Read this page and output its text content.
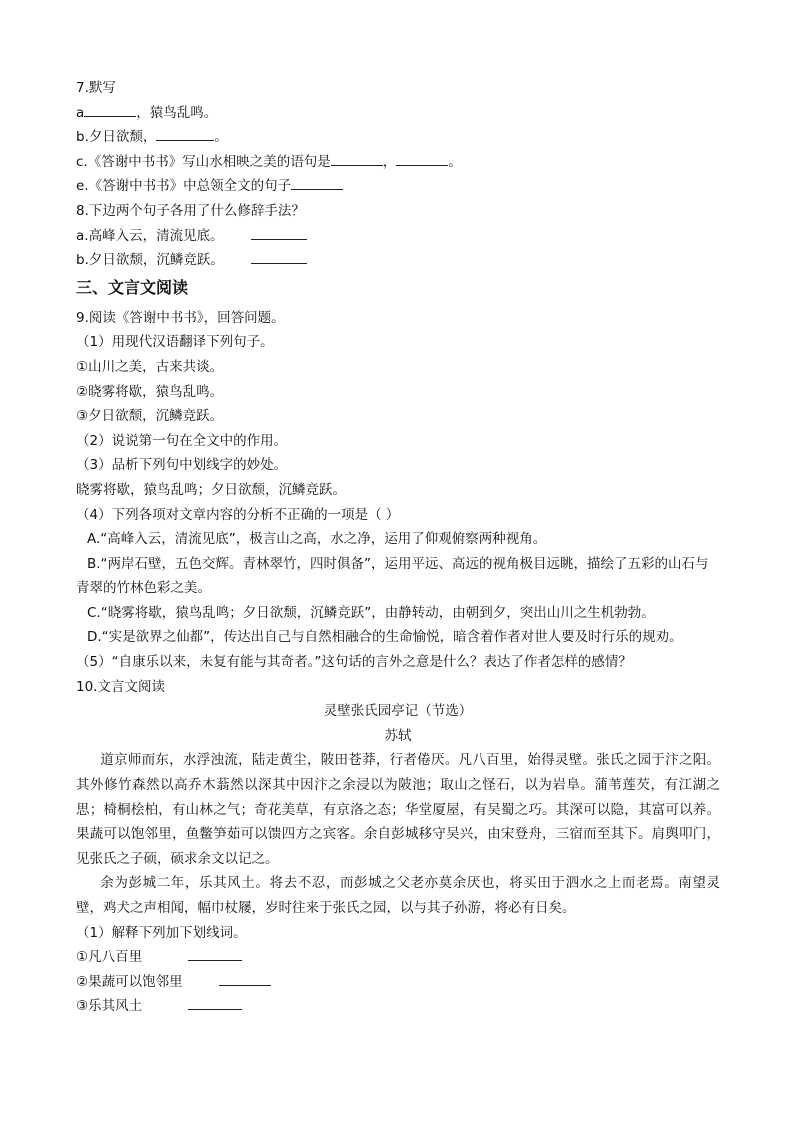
7.默写
a	，猿鸟乱鸣。
b.夕日欲颓，	。
c.《答谢中书书》写山水相映之美的语句是	，	。
e.《答谢中书书》中总领全文的句子
8.下边两个句子各用了什么修辞手法？
a.高峰入云，清流见底。
b.夕日欲颓，沉鳞竞跃。
三、文言文阅读
9.阅读《答谢中书书》，回答问题。
（1）用现代汉语翻译下列句子。
①山川之美，古来共谈。
②晓雾将歇，猿鸟乱鸣。
③夕日欲颓，沉鳞竞跃。
（2）说说第一句在全文中的作用。
（3）品析下列句中划线字的妙处。
晓雾将歇，猿鸟乱鸣；夕日欲颓，沉鳞竞跃。
（4）下列各项对文章内容的分析不正确的一项是（ ）
A.“高峰入云，清流见底”，极言山之高，水之净，运用了仰观俯察两种视角。
B.“两岸石壁，五色交辉。青林翠竹，四时俱备”，运用平远、高远的视角极目远眺，描绘了五彩的山石与
青翠的竹林色彩之美。
C.“晓雾将歇，猿鸟乱鸣；夕日欲颓，沉鳞竞跃”，由静转动，由朝到夕，突出山川之生机勃勃。
D.“实是欲界之仙都”，传达出自己与自然相融合的生命愉悦，暗含着作者对世人要及时行乐的规劝。
（5）“自康乐以来，未复有能与其奇者。”这句话的言外之意是什么？表达了作者怎样的感情？
10.文言文阅读
灵壁张氏园亭记（节选）
苏轼
道京师而东，水浮浊流，陆走黄尘，陂田苍莽，行者倦厌。凡八百里，始得灵壁。张氏之园于汴之阳。其外修竹森然以高乔木蓊然以深其中因汴之余浸以为陂池；取山之怪石，以为岩阜。蒲苇莲芡，有江湖之思；椅桐桧柏，有山林之气；奇花美草，有京洛之态；华堂厦屋，有吴蜀之巧。其深可以隐，其富可以养。果蔬可以饱邻里，鱼鳖笋茹可以馈四方之宾客。余自彭城移守吴兴，由宋登舟，三宿而至其下。肩舆叩门，见张氏之子硕，硕求余文以记之。
余为彭城二年，乐其风土。将去不忍，而彭城之父老亦莫余厌也，将买田于泗水之上而老焉。南望灵壁，鸡犬之声相闻，幅巾杖屦，岁时往来于张氏之园，以与其子孙游，将必有日矣。
（1）解释下列加下划线词。
①凡八百里
②果蔬可以饱邻里
③乐其风土
